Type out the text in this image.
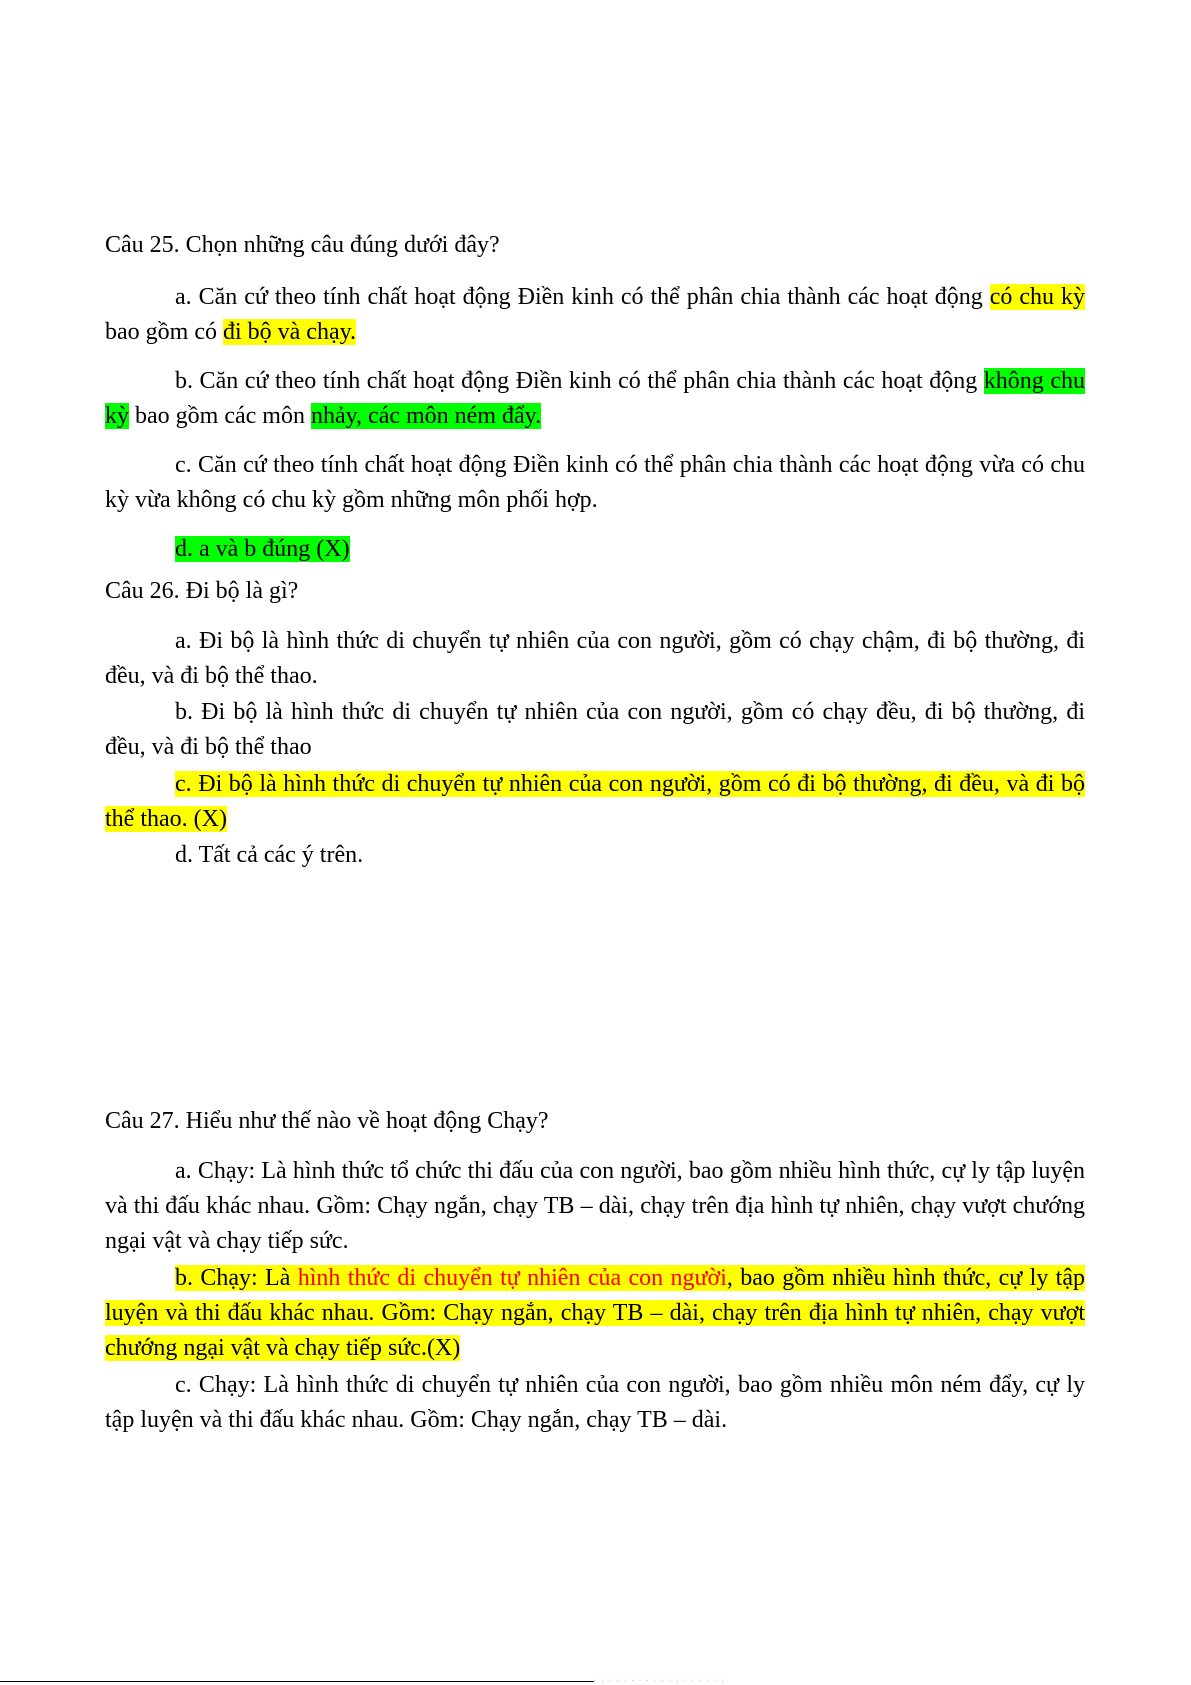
Câu 25. Chọn những câu đúng dưới đây?
a. Căn cứ theo tính chất hoạt động Điền kinh có thể phân chia thành các hoạt động có chu kỳ bao gồm có đi bộ và chạy.
b. Căn cứ theo tính chất hoạt động Điền kinh có thể phân chia thành các hoạt động không chu kỳ bao gồm các môn nhảy, các môn ném đẩy.
c. Căn cứ theo tính chất hoạt động Điền kinh có thể phân chia thành các hoạt động vừa có chu kỳ vừa không có chu kỳ gồm những môn phối hợp.
d. a và b đúng (X)
Câu 26. Đi bộ là gì?
a. Đi bộ là hình thức di chuyển tự nhiên của con người, gồm có chạy chậm, đi bộ thường, đi đều, và đi bộ thể thao.
b. Đi bộ là hình thức di chuyển tự nhiên của con người, gồm có chạy đều, đi bộ thường, đi đều, và đi bộ thể thao
c. Đi bộ là hình thức di chuyển tự nhiên của con người, gồm có đi bộ thường, đi đều, và đi bộ thể thao. (X)
d. Tất cả các ý trên.
Câu 27. Hiểu như thế nào về hoạt động Chạy?
a. Chạy: Là hình thức tổ chức thi đấu của con người, bao gồm nhiều hình thức, cự ly tập luyện và thi đấu khác nhau. Gồm: Chạy ngắn, chạy TB – dài, chạy trên địa hình tự nhiên, chạy vượt chướng ngại vật và chạy tiếp sức.
b. Chạy: Là hình thức di chuyển tự nhiên của con người, bao gồm nhiều hình thức, cự ly tập luyện và thi đấu khác nhau. Gồm: Chạy ngắn, chạy TB – dài, chạy trên địa hình tự nhiên, chạy vượt chướng ngại vật và chạy tiếp sức.(X)
c. Chạy: Là hình thức di chuyển tự nhiên của con người, bao gồm nhiều môn ném đẩy, cự ly tập luyện và thi đấu khác nhau. Gồm: Chạy ngắn, chạy TB – dài.
· · · · · · · · · · · · · · · · · ·
